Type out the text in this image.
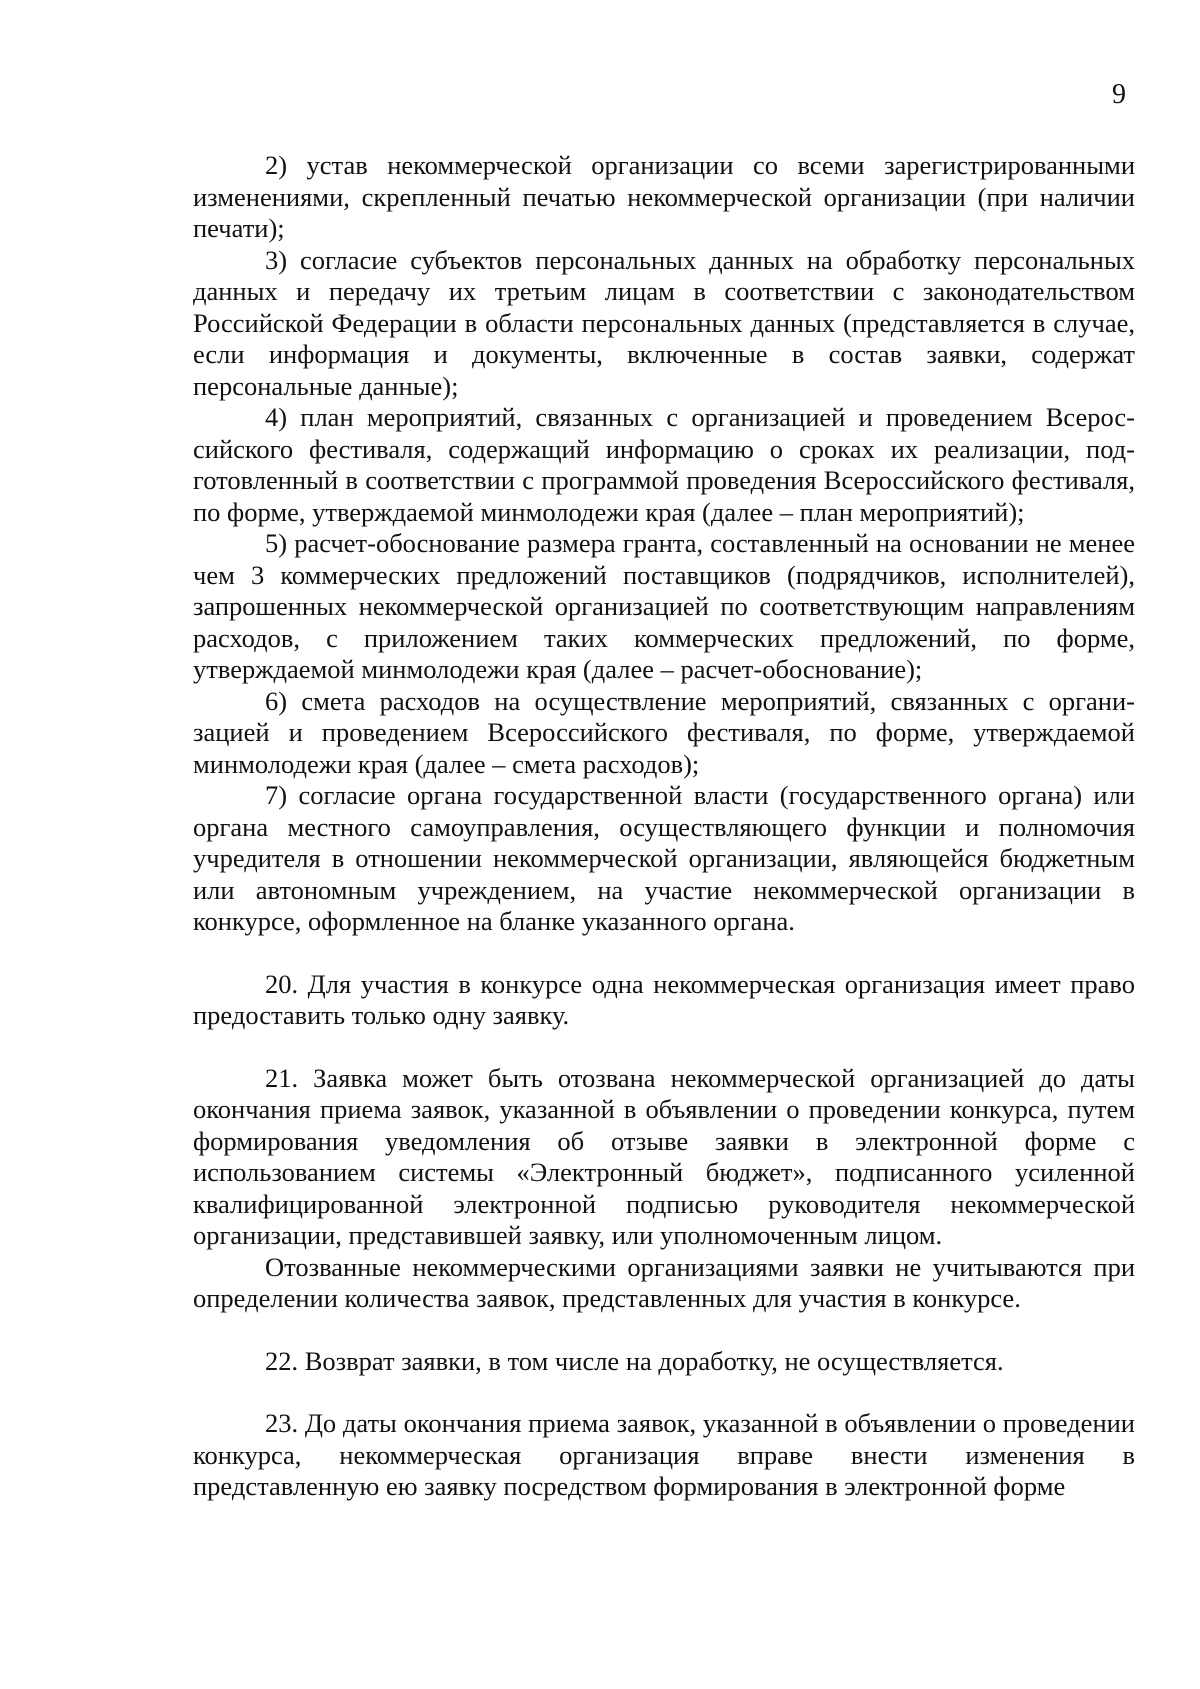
9

2) устав некоммерческой организации со всеми зарегистрированными изменениями, скрепленный печатью некоммерческой организации (при наличии печати);

3) согласие субъектов персональных данных на обработку персональных данных и передачу их третьим лицам в соответствии с законодательством Российской Федерации в области персональных данных (представляется в случае, если информация и документы, включенные в состав заявки, содержат персональные данные);

4) план мероприятий, связанных с организацией и проведением Всероссийского фестиваля, содержащий информацию о сроках их реализации, подготовленный в соответствии с программой проведения Всероссийского фестиваля, по форме, утверждаемой минмолодежи края (далее – план мероприятий);

5) расчет-обоснование размера гранта, составленный на основании не менее чем 3 коммерческих предложений поставщиков (подрядчиков, исполнителей), запрошенных некоммерческой организацией по соответствующим направлениям расходов, с приложением таких коммерческих предложений, по форме, утверждаемой минмолодежи края (далее – расчет-обоснование);

6) смета расходов на осуществление мероприятий, связанных с организацией и проведением Всероссийского фестиваля, по форме, утверждаемой минмолодежи края (далее – смета расходов);

7) согласие органа государственной власти (государственного органа) или органа местного самоуправления, осуществляющего функции и полномочия учредителя в отношении некоммерческой организации, являющейся бюджетным или автономным учреждением, на участие некоммерческой организации в конкурсе, оформленное на бланке указанного органа.

20. Для участия в конкурсе одна некоммерческая организация имеет право предоставить только одну заявку.

21. Заявка может быть отозвана некоммерческой организацией до даты окончания приема заявок, указанной в объявлении о проведении конкурса, путем формирования уведомления об отзыве заявки в электронной форме с использованием системы «Электронный бюджет», подписанного усиленной квалифицированной электронной подписью руководителя некоммерческой организации, представившей заявку, или уполномоченным лицом.

Отозванные некоммерческими организациями заявки не учитываются при определении количества заявок, представленных для участия в конкурсе.

22. Возврат заявки, в том числе на доработку, не осуществляется.

23. До даты окончания приема заявок, указанной в объявлении о проведении конкурса, некоммерческая организация вправе внести изменения в представленную ею заявку посредством формирования в электронной форме
